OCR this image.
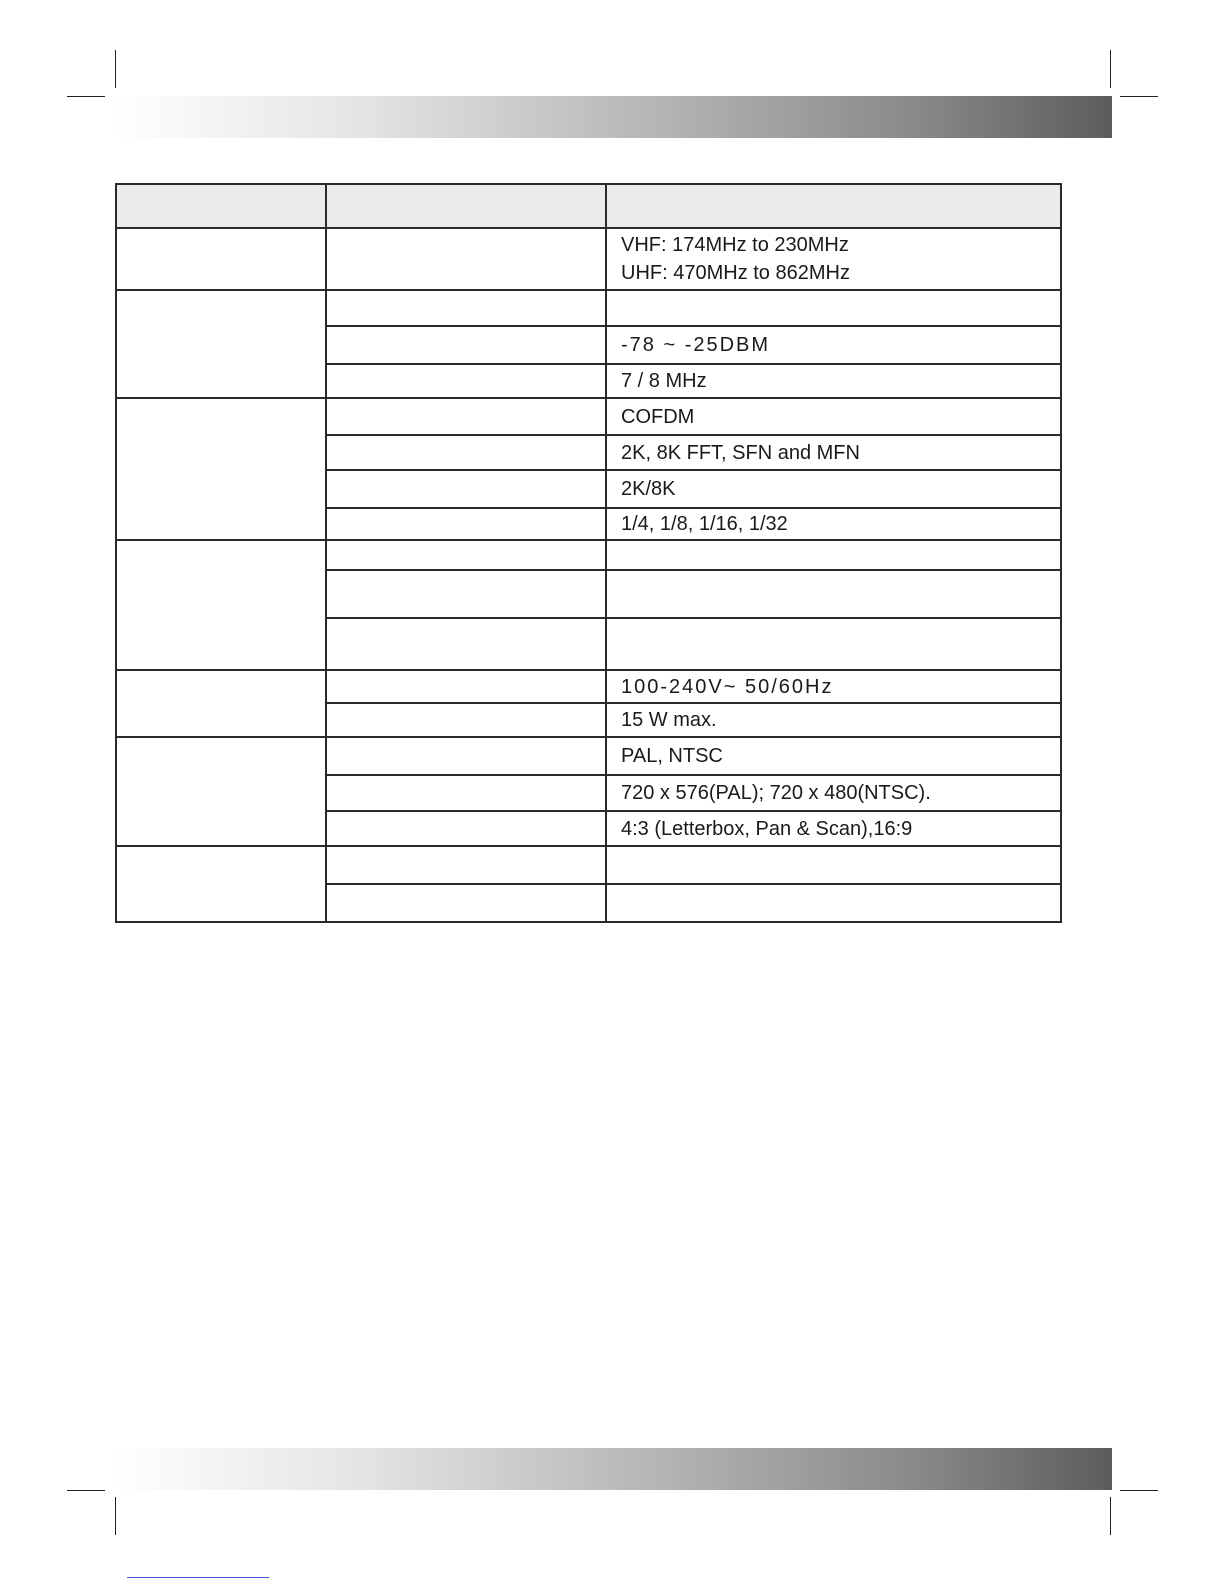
		VHF: 174MHz to 230MHz
UHF: 470MHz to 862MHz

		-78 ~ -25DBM
		7 / 8 MHz
		COFDM
		2K, 8K FFT, SFN and MFN
		2K/8K
		1/4, 1/8, 1/16, 1/32

		100-240V~ 50/60Hz
		15 W max.
		PAL, NTSC
		720 x 576(PAL); 720 x 480(NTSC).
		4:3 (Letterbox, Pan & Scan),16:9
